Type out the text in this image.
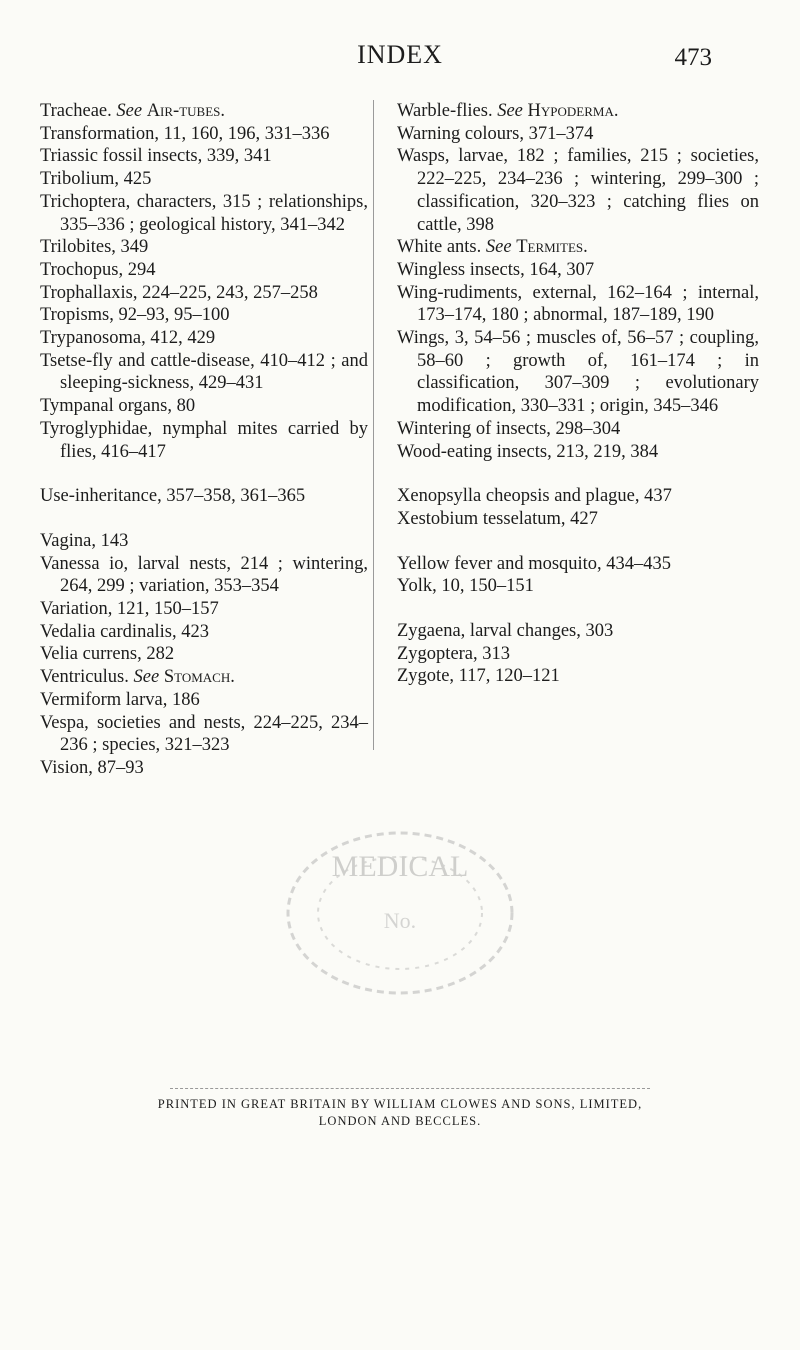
INDEX	473

Tracheae. See Air-tubes.

Transformation, 11, 160, 196, 331–336

Triassic fossil insects, 339, 341

Tribolium, 425

Trichoptera, characters, 315 ; relationships, 335–336 ; geological history, 341–342

Trilobites, 349

Trochopus, 294

Trophallaxis, 224–225, 243, 257–258

Tropisms, 92–93, 95–100

Trypanosoma, 412, 429

Tsetse-fly and cattle-disease, 410–412 ; and sleeping-sickness, 429–431

Tympanal organs, 80

Tyroglyphidae, nymphal mites carried by flies, 416–417

Use-inheritance, 357–358, 361–365

Vagina, 143

Vanessa io, larval nests, 214 ; wintering, 264, 299 ; variation, 353–354

Variation, 121, 150–157

Vedalia cardinalis, 423

Velia currens, 282

Ventriculus. See Stomach.

Vermiform larva, 186

Vespa, societies and nests, 224–225, 234–236 ; species, 321–323

Vision, 87–93

Warble-flies. See Hypoderma.

Warning colours, 371–374

Wasps, larvae, 182 ; families, 215 ; societies, 222–225, 234–236 ; wintering, 299–300 ; classification, 320–323 ; catching flies on cattle, 398

White ants. See Termites.

Wingless insects, 164, 307

Wing-rudiments, external, 162–164 ; internal, 173–174, 180 ; abnormal, 187–189, 190

Wings, 3, 54–56 ; muscles of, 56–57 ; coupling, 58–60 ; growth of, 161–174 ; in classification, 307–309 ; evolutionary modification, 330–331 ; origin, 345–346

Wintering of insects, 298–304

Wood-eating insects, 213, 219, 384

Xenopsylla cheopsis and plague, 437

Xestobium tesselatum, 427

Yellow fever and mosquito, 434–435

Yolk, 10, 150–151

Zygaena, larval changes, 303

Zygoptera, 313

Zygote, 117, 120–121

MEDICAL
No.
PRINTED IN GREAT BRITAIN BY WILLIAM CLOWES AND SONS, LIMITED,
LONDON AND BECCLES.
